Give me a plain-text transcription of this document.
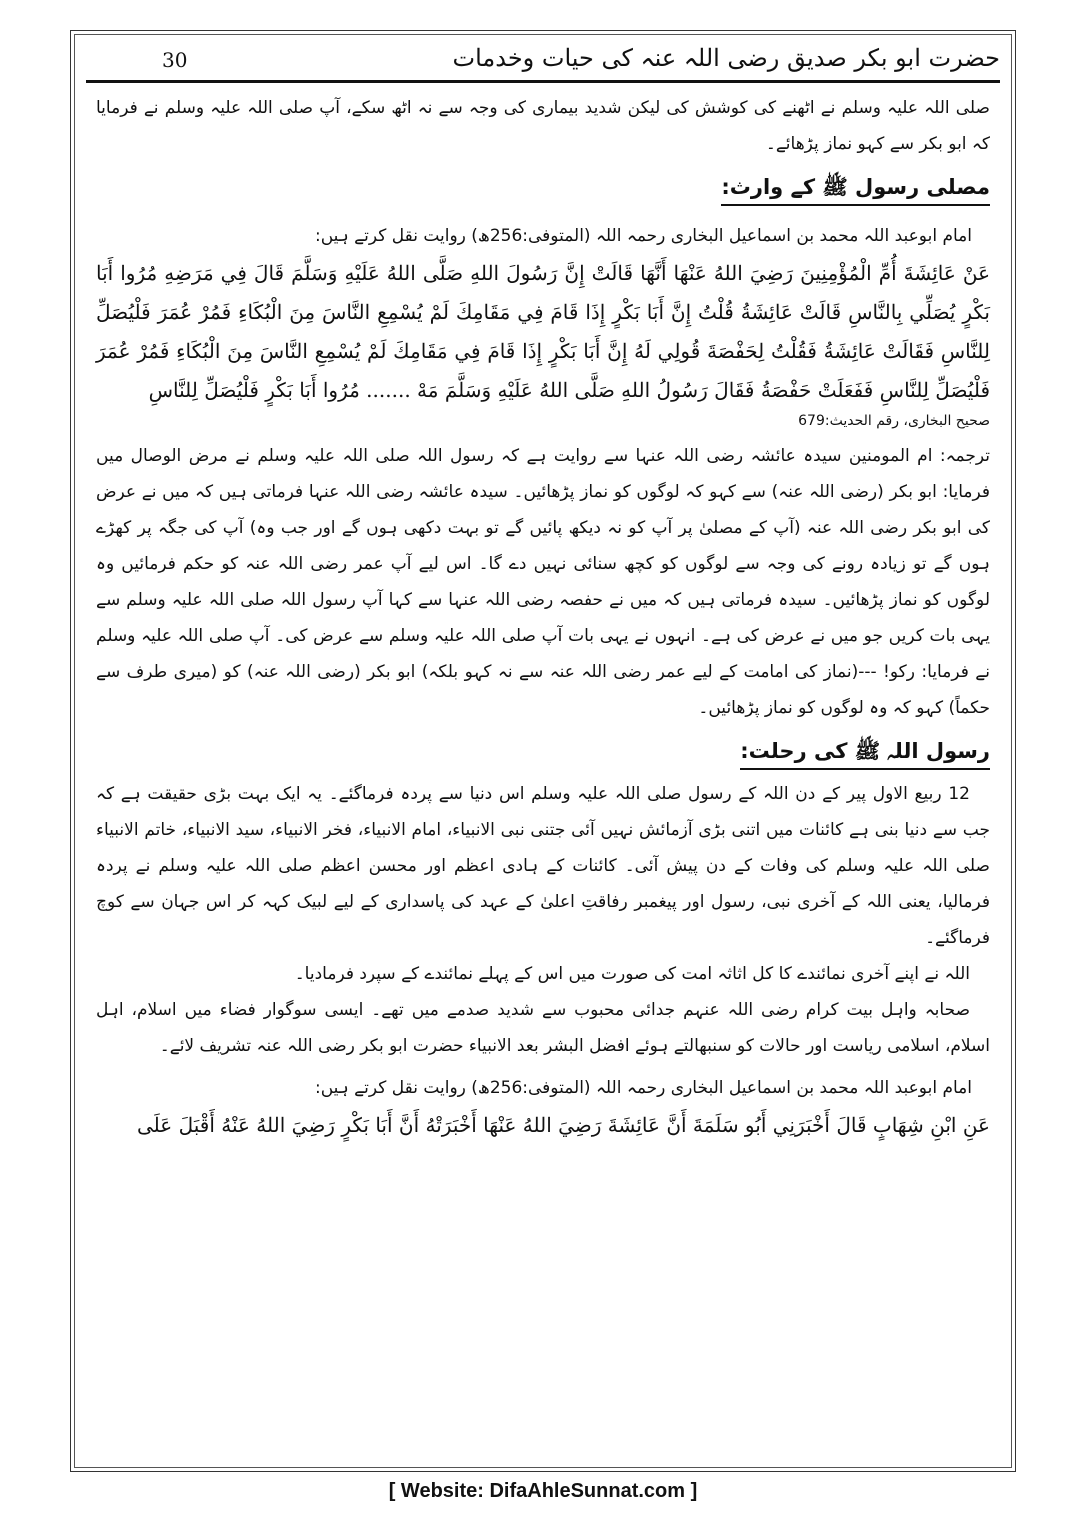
30	حضرت ابو بکر صدیق رضی اللہ عنہ کی حیات وخدمات

صلی اللہ علیہ وسلم نے اٹھنے کی کوشش کی لیکن شدید بیماری کی وجہ سے نہ اٹھ سکے، آپ صلی اللہ علیہ وسلم نے فرمایا کہ ابو بکر سے کہو نماز پڑھائے۔

مصلی رسول ﷺ کے وارث:

امام ابوعبد اللہ محمد بن اسماعیل البخاری رحمہ اللہ (المتوفی:256ھ) روایت نقل کرتے ہیں:

عَنْ عَائِشَةَ أُمِّ الْمُؤْمِنِينَ رَضِيَ اللهُ عَنْهَا أَنَّهَا قَالَتْ إِنَّ رَسُولَ اللهِ صَلَّى اللهُ عَلَيْهِ وَسَلَّمَ قَالَ فِي مَرَضِهِ مُرُوا أَبَا بَكْرٍ يُصَلِّي بِالنَّاسِ قَالَتْ عَائِشَةُ قُلْتُ إِنَّ أَبَا بَكْرٍ إِذَا قَامَ فِي مَقَامِكَ لَمْ يُسْمِعِ النَّاسَ مِنَ الْبُكَاءِ فَمُرْ عُمَرَ فَلْيُصَلِّ لِلنَّاسِ فَقَالَتْ عَائِشَةُ فَقُلْتُ لِحَفْصَةَ قُولِي لَهُ إِنَّ أَبَا بَكْرٍ إِذَا قَامَ فِي مَقَامِكَ لَمْ يُسْمِعِ النَّاسَ مِنَ الْبُكَاءِ فَمُرْ عُمَرَ فَلْيُصَلِّ لِلنَّاسِ فَفَعَلَتْ حَفْصَةُ فَقَالَ رَسُولُ اللهِ صَلَّى اللهُ عَلَيْهِ وَسَلَّمَ مَهْ ....... مُرُوا أَبَا بَكْرٍ فَلْيُصَلِّ لِلنَّاسِ

صحیح البخاری، رقم الحدیث:679

ترجمہ: ام المومنین سیدہ عائشہ رضی اللہ عنہا سے روایت ہے کہ رسول اللہ صلی اللہ علیہ وسلم نے مرض الوصال میں فرمایا: ابو بکر (رضی اللہ عنہ) سے کہو کہ لوگوں کو نماز پڑھائیں۔ سیدہ عائشہ رضی اللہ عنہا فرماتی ہیں کہ میں نے عرض کی ابو بکر رضی اللہ عنہ (آپ کے مصلیٰ پر آپ کو نہ دیکھ پائیں گے تو بہت دکھی ہوں گے اور جب وہ) آپ کی جگہ پر کھڑے ہوں گے تو زیادہ رونے کی وجہ سے لوگوں کو کچھ سنائی نہیں دے گا۔ اس لیے آپ عمر رضی اللہ عنہ کو حکم فرمائیں وہ لوگوں کو نماز پڑھائیں۔ سیدہ فرماتی ہیں کہ میں نے حفصہ رضی اللہ عنہا سے کہا آپ رسول اللہ صلی اللہ علیہ وسلم سے یہی بات کریں جو میں نے عرض کی ہے۔ انہوں نے یہی بات آپ صلی اللہ علیہ وسلم سے عرض کی۔ آپ صلی اللہ علیہ وسلم نے فرمایا: رکو! ---(نماز کی امامت کے لیے عمر رضی اللہ عنہ سے نہ کہو بلکہ) ابو بکر (رضی اللہ عنہ) کو (میری طرف سے حکماً) کہو کہ وہ لوگوں کو نماز پڑھائیں۔

رسول اللہ ﷺ کی رحلت:

12 ربیع الاول پیر کے دن اللہ کے رسول صلی اللہ علیہ وسلم اس دنیا سے پردہ فرماگئے۔ یہ ایک بہت بڑی حقیقت ہے کہ جب سے دنیا بنی ہے کائنات میں اتنی بڑی آزمائش نہیں آئی جتنی نبی الانبیاء، امام الانبیاء، فخر الانبیاء، سید الانبیاء، خاتم الانبیاء صلی اللہ علیہ وسلم کی وفات کے دن پیش آئی۔ کائنات کے ہادی اعظم اور محسن اعظم صلی اللہ علیہ وسلم نے پردہ فرمالیا، یعنی اللہ کے آخری نبی، رسول اور پیغمبر رفاقتِ اعلیٰ کے عہد کی پاسداری کے لیے لبیک کہہ کر اس جہان سے کوچ فرماگئے۔

اللہ نے اپنے آخری نمائندے کا کل اثاثہ امت کی صورت میں اس کے پہلے نمائندے کے سپرد فرمادیا۔

صحابہ واہل بیت کرام رضی اللہ عنہم جدائی محبوب سے شدید صدمے میں تھے۔ ایسی سوگوار فضاء میں اسلام، اہل اسلام، اسلامی ریاست اور حالات کو سنبھالتے ہوئے افضل البشر بعد الانبیاء حضرت ابو بکر رضی اللہ عنہ تشریف لائے۔

امام ابوعبد اللہ محمد بن اسماعیل البخاری رحمہ اللہ (المتوفی:256ھ) روایت نقل کرتے ہیں:

عَنِ ابْنِ شِهَابٍ قَالَ أَخْبَرَنِي أَبُو سَلَمَةَ أَنَّ عَائِشَةَ رَضِيَ اللهُ عَنْهَا أَخْبَرَتْهُ أَنَّ أَبَا بَكْرٍ رَضِيَ اللهُ عَنْهُ أَقْبَلَ عَلَى

[ Website: DifaAhleSunnat.com ]
